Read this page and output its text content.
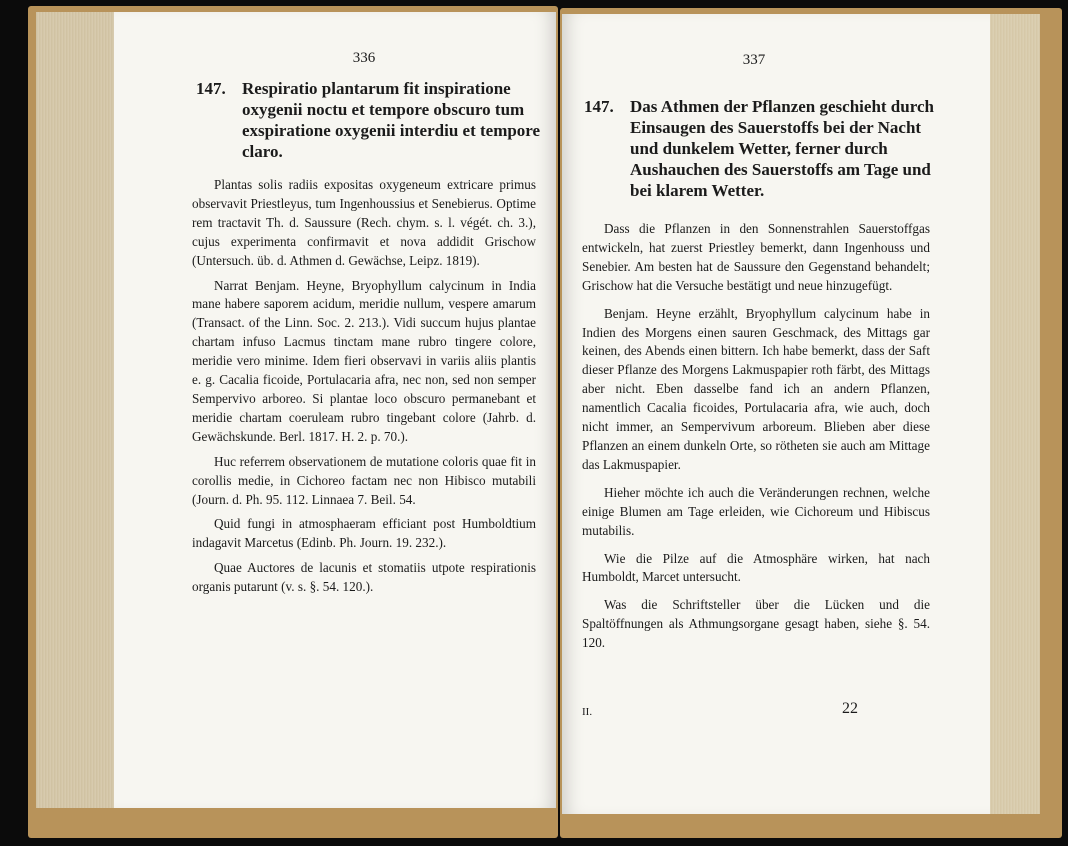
336
147. Respiratio plantarum fit inspiratione oxygenii noctu et tempore obscuro tum exspiratione oxygenii interdiu et tempore claro.

Plantas solis radiis expositas oxygeneum extricare primus observavit Priestleyus, tum Ingenhoussius et Senebierus. Optime rem tractavit Th. d. Saussure (Rech. chym. s. l. végét. ch. 3.), cujus experimenta confirmavit et nova addidit Grischow (Untersuch. üb. d. Athmen d. Gewächse, Leipz. 1819).

Narrat Benjam. Heyne, Bryophyllum calycinum in India mane habere saporem acidum, meridie nullum, vespere amarum (Transact. of the Linn. Soc. 2. 213.). Vidi succum hujus plantae chartam infuso Lacmus tinctam mane rubro tingere colore, meridie vero minime. Idem fieri observavi in variis aliis plantis e. g. Cacalia ficoide, Portulacaria afra, nec non, sed non semper Sempervivo arboreo. Si plantae loco obscuro permanebant et meridie chartam coeruleam rubro tingebant colore (Jahrb. d. Gewächskunde. Berl. 1817. H. 2. p. 70.).

Huc referrem observationem de mutatione coloris quae fit in corollis medie, in Cichoreo factam nec non Hibisco mutabili (Journ. d. Ph. 95. 112. Linnaea 7. Beil. 54.

Quid fungi in atmosphaeram efficiant post Humboldtium indagavit Marcetus (Edinb. Ph. Journ. 19. 232.).

Quae Auctores de lacunis et stomatiis utpote respirationis organis putarunt (v. s. §. 54. 120.).

337
147. Das Athmen der Pflanzen geschieht durch Einsaugen des Sauerstoffs bei der Nacht und dunkelem Wetter, ferner durch Aushauchen des Sauerstoffs am Tage und bei klarem Wetter.

Dass die Pflanzen in den Sonnenstrahlen Sauerstoffgas entwickeln, hat zuerst Priestley bemerkt, dann Ingenhouss und Senebier. Am besten hat de Saussure den Gegenstand behandelt; Grischow hat die Versuche bestätigt und neue hinzugefügt.

Benjam. Heyne erzählt, Bryophyllum calycinum habe in Indien des Morgens einen sauren Geschmack, des Mittags gar keinen, des Abends einen bittern. Ich habe bemerkt, dass der Saft dieser Pflanze des Morgens Lakmuspapier roth färbt, des Mittags aber nicht. Eben dasselbe fand ich an andern Pflanzen, namentlich Cacalia ficoides, Portulacaria afra, wie auch, doch nicht immer, an Sempervivum arboreum. Blieben aber diese Pflanzen an einem dunkeln Orte, so rötheten sie auch am Mittage das Lakmuspapier.

Hieher möchte ich auch die Veränderungen rechnen, welche einige Blumen am Tage erleiden, wie Cichoreum und Hibiscus mutabilis.

Wie die Pilze auf die Atmosphäre wirken, hat nach Humboldt, Marcet untersucht.

Was die Schriftsteller über die Lücken und die Spaltöffnungen als Athmungsorgane gesagt haben, siehe §. 54. 120.

II.	22
